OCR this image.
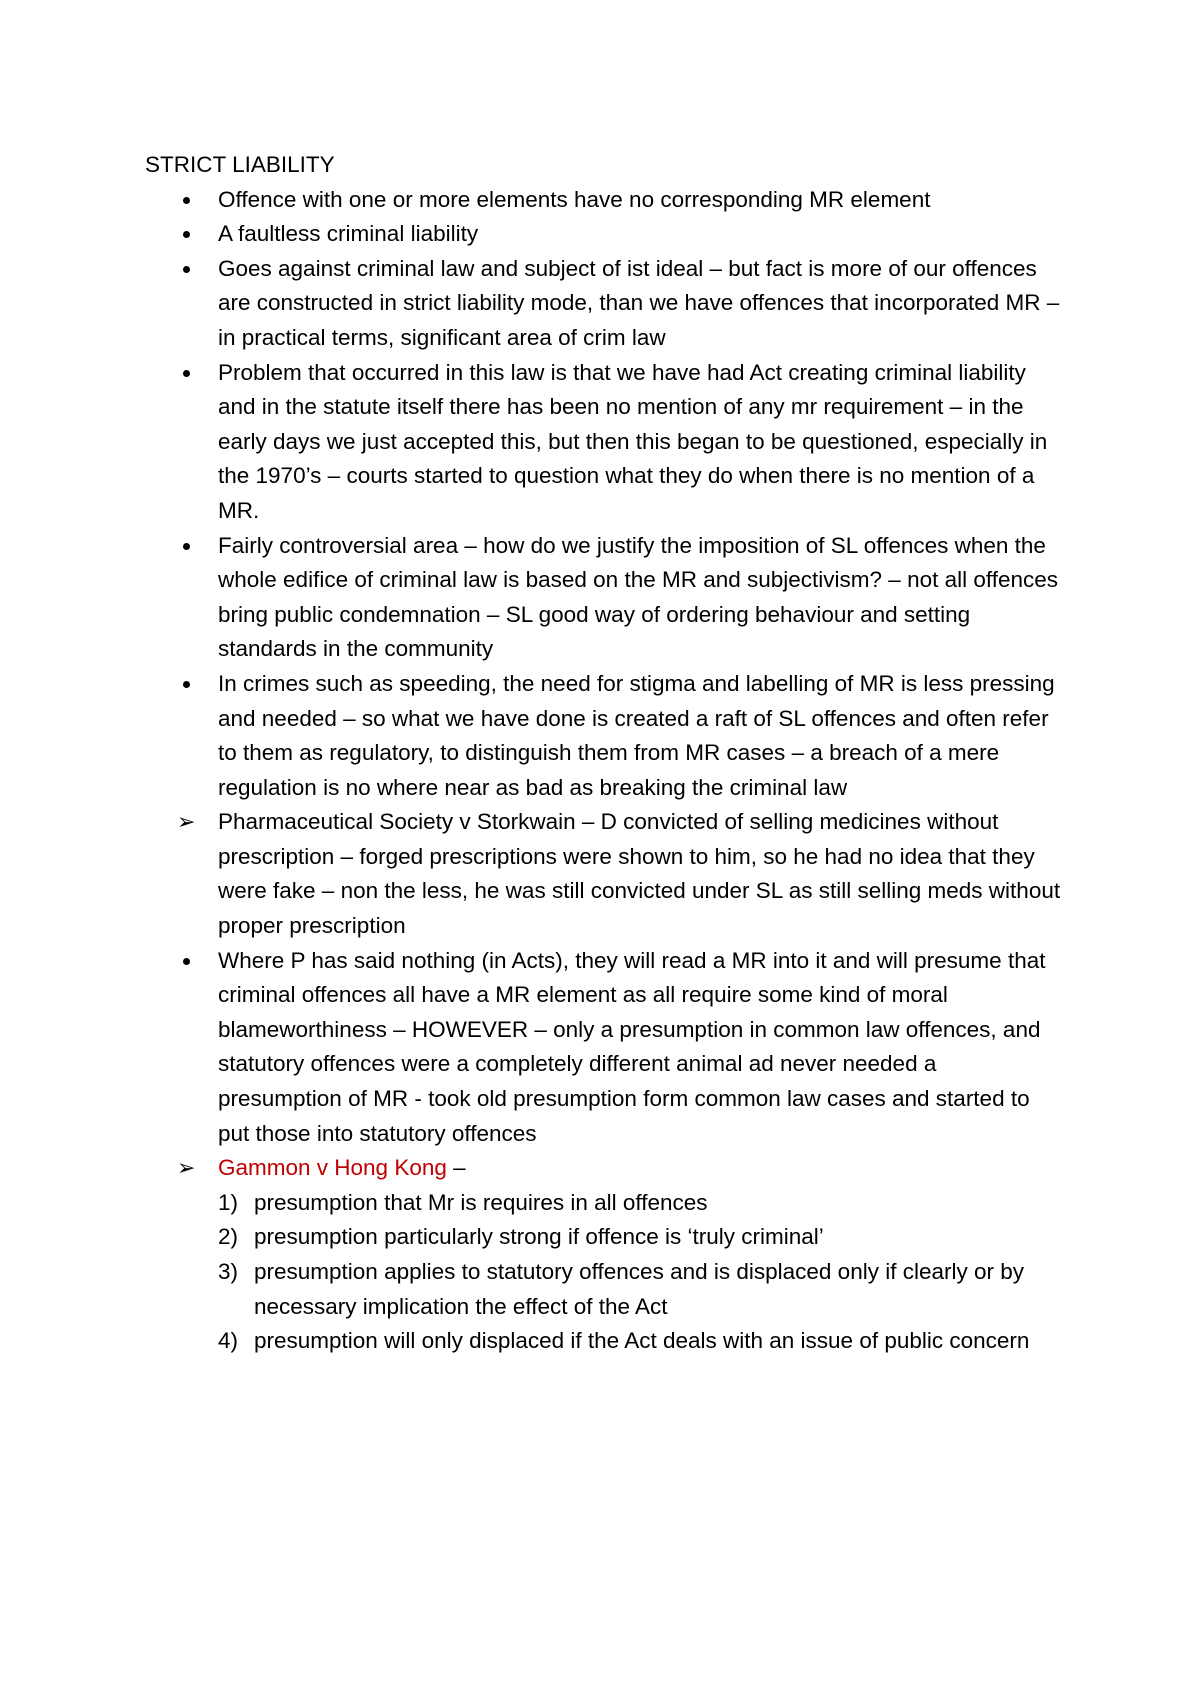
STRICT LIABILITY

Offence with one or more elements have no corresponding MR element
A faultless criminal liability
Goes against criminal law and subject of ist ideal – but fact is more of our offences are constructed in strict liability mode, than we have offences that incorporated MR – in practical terms, significant area of crim law
Problem that occurred in this law is that we have had Act creating criminal liability and in the statute itself there has been no mention of any mr requirement – in the early days we just accepted this, but then this began to be questioned, especially in the 1970’s – courts started to question what they do when there is no mention of a MR.
Fairly controversial area – how do we justify the imposition of SL offences when the whole edifice of criminal law is based on the MR and subjectivism? – not all offences bring public condemnation – SL good way of ordering behaviour and setting standards in the community
In crimes such as speeding, the need for stigma and labelling of MR is less pressing and needed – so what we have done is created a raft of SL offences and often refer to them as regulatory, to distinguish them from MR cases – a breach of a mere regulation is no where near as bad as breaking the criminal law
➢	Pharmaceutical Society v Storkwain – D convicted of selling medicines without prescription – forged prescriptions were shown to him, so he had no idea that they were fake – non the less, he was still convicted under SL as still selling meds without proper prescription
Where P has said nothing (in Acts), they will read a MR into it and will presume that criminal offences all have a MR element as all require some kind of moral blameworthiness – HOWEVER – only a presumption in common law offences, and statutory offences were a completely different animal ad never needed a presumption of MR - took old presumption form common law cases and started to put those into statutory offences
➢	Gammon v Hong Kong –
1) presumption that Mr is requires in all offences
2) presumption particularly strong if offence is ‘truly criminal’
3) presumption applies to statutory offences and is displaced only if clearly or by necessary implication the effect of the Act
4) presumption will only displaced if the Act deals with an issue of public concern
